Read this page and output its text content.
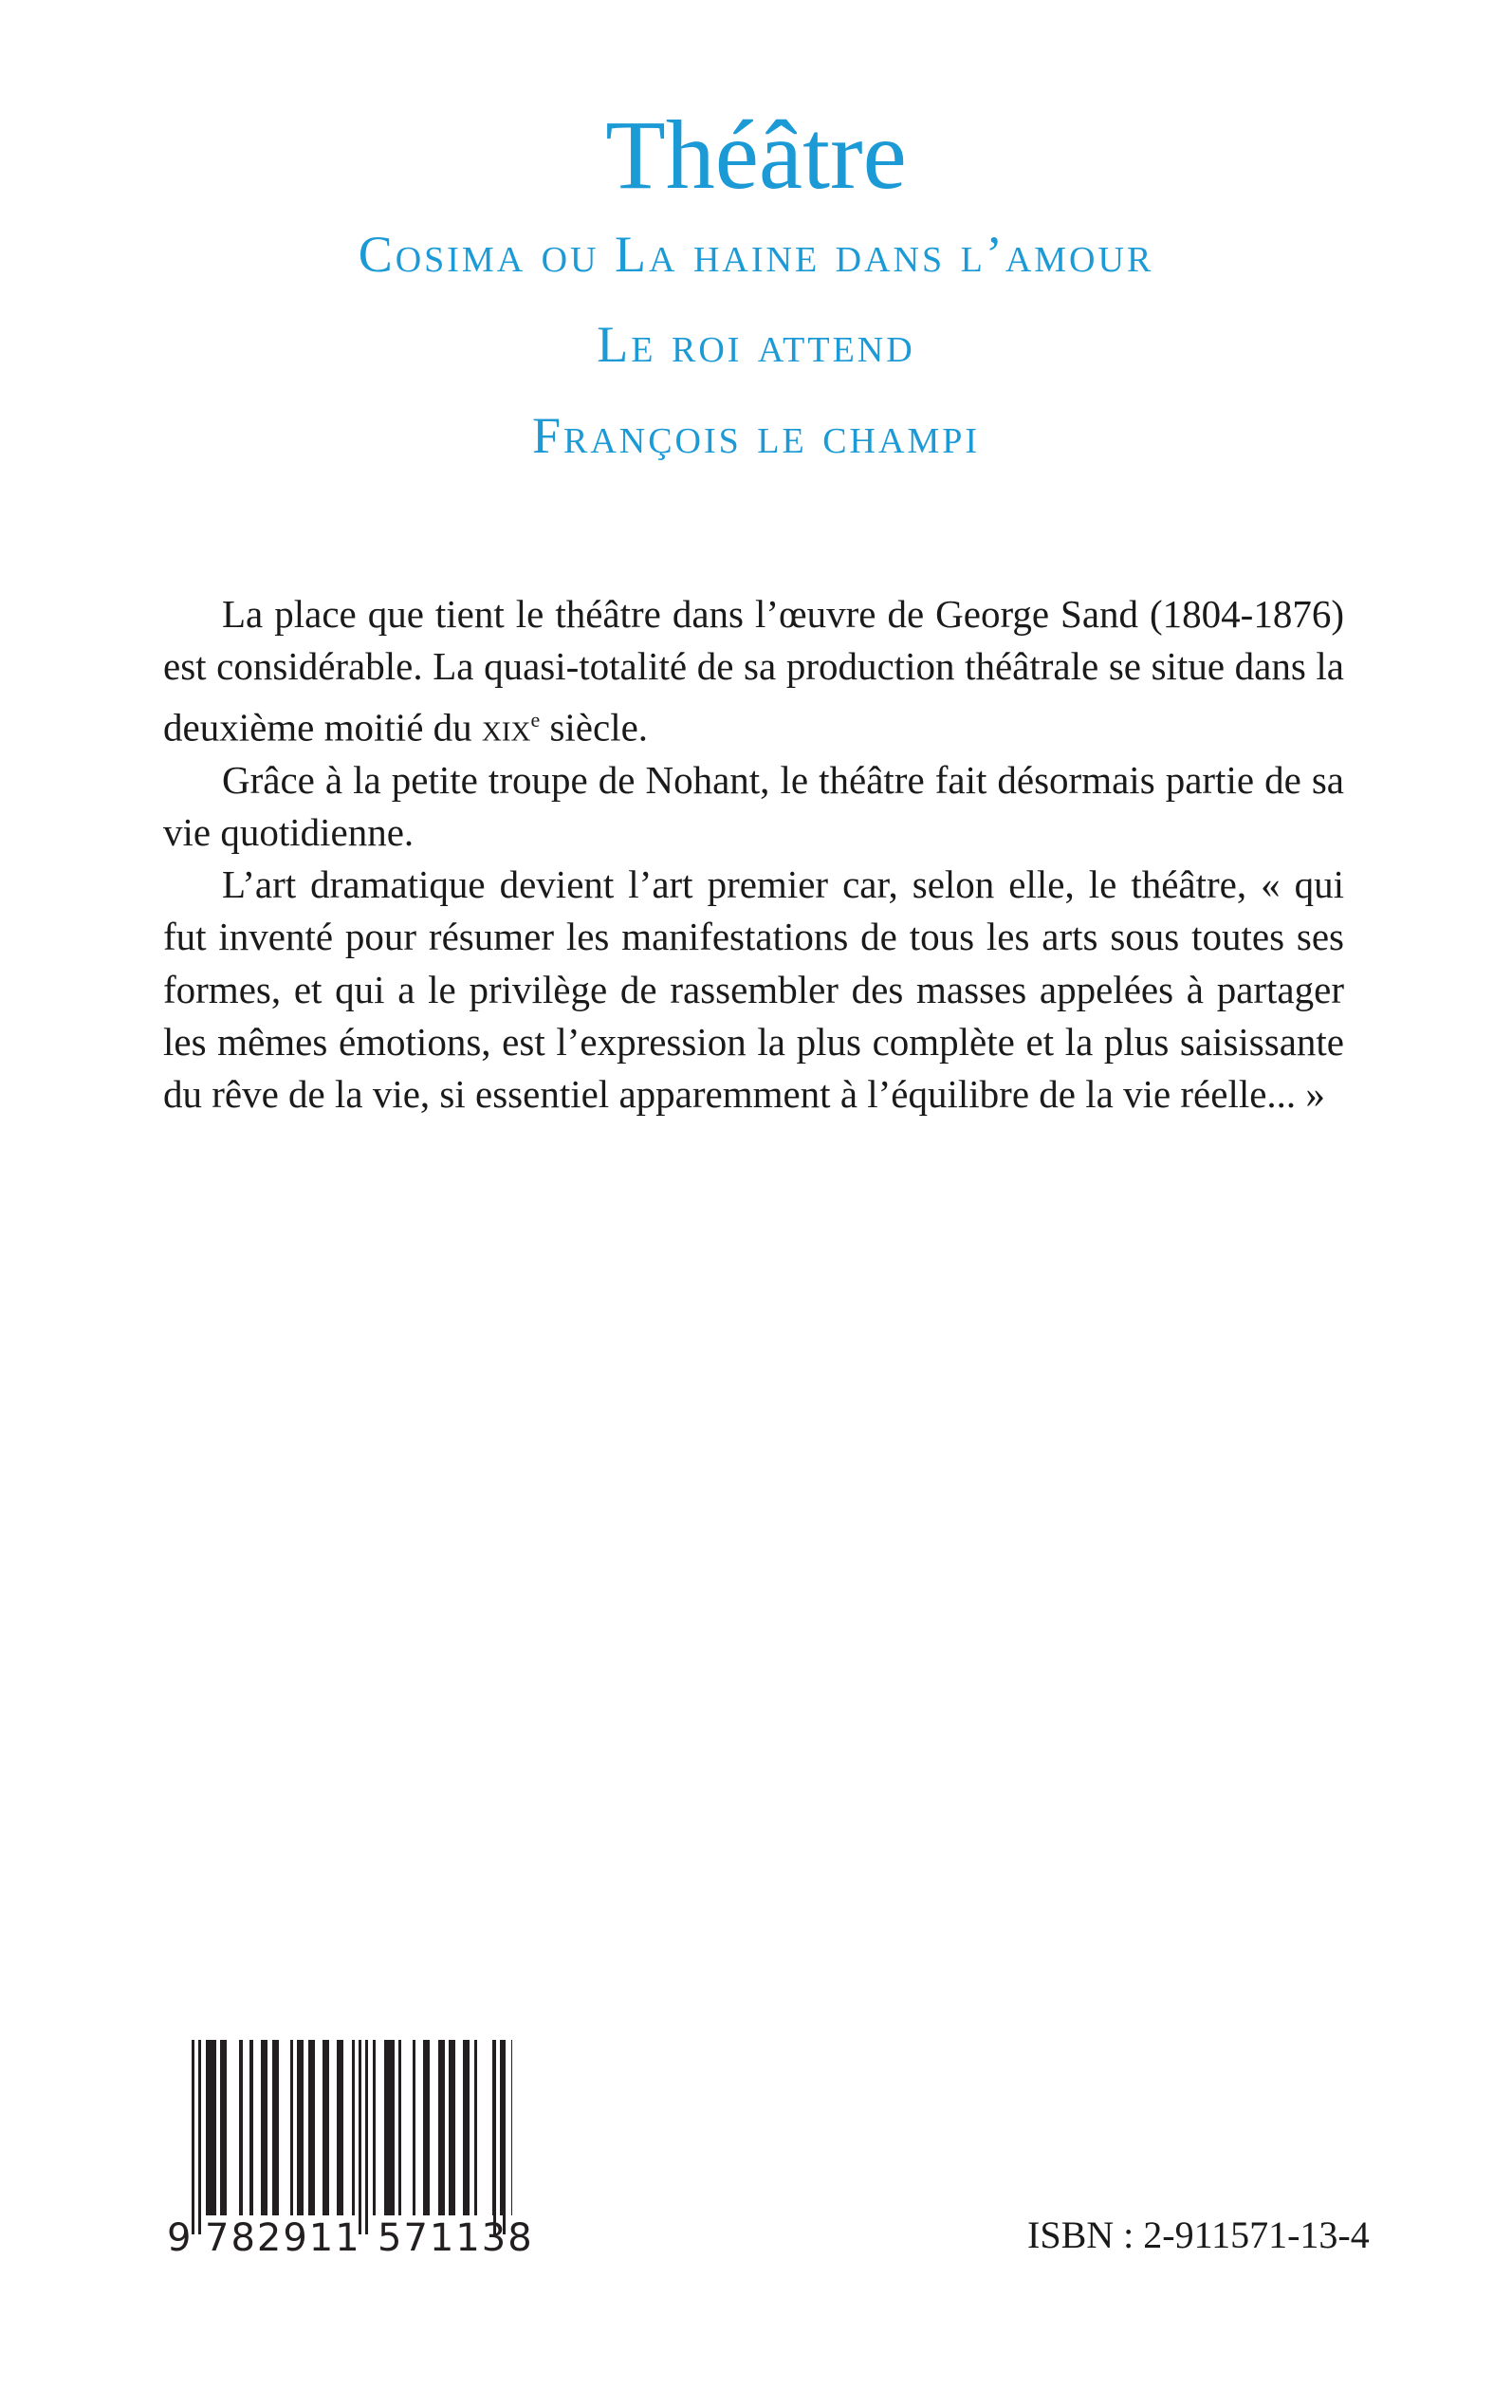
Théâtre
Cosima ou La haine dans l’amour
Le roi attend
François le champi

La place que tient le théâtre dans l’œuvre de George Sand (1804-1876) est considérable. La quasi-totalité de sa production théâtrale se situe dans la deuxième moitié du xix$^e$ siècle.

Grâce à la petite troupe de Nohant, le théâtre fait désormais partie de sa vie quotidienne.

L’art dramatique devient l’art premier car, selon elle, le théâtre, « qui fut inventé pour résumer les manifestations de tous les arts sous toutes ses formes, et qui a le privilège de rassembler des masses appelées à partager les mêmes émotions, est l’expression la plus complète et la plus saisissante du rêve de la vie, si essentiel apparemment à l’équilibre de la vie réelle... »

9 782911 571138	ISBN : 2-911571-13-4
